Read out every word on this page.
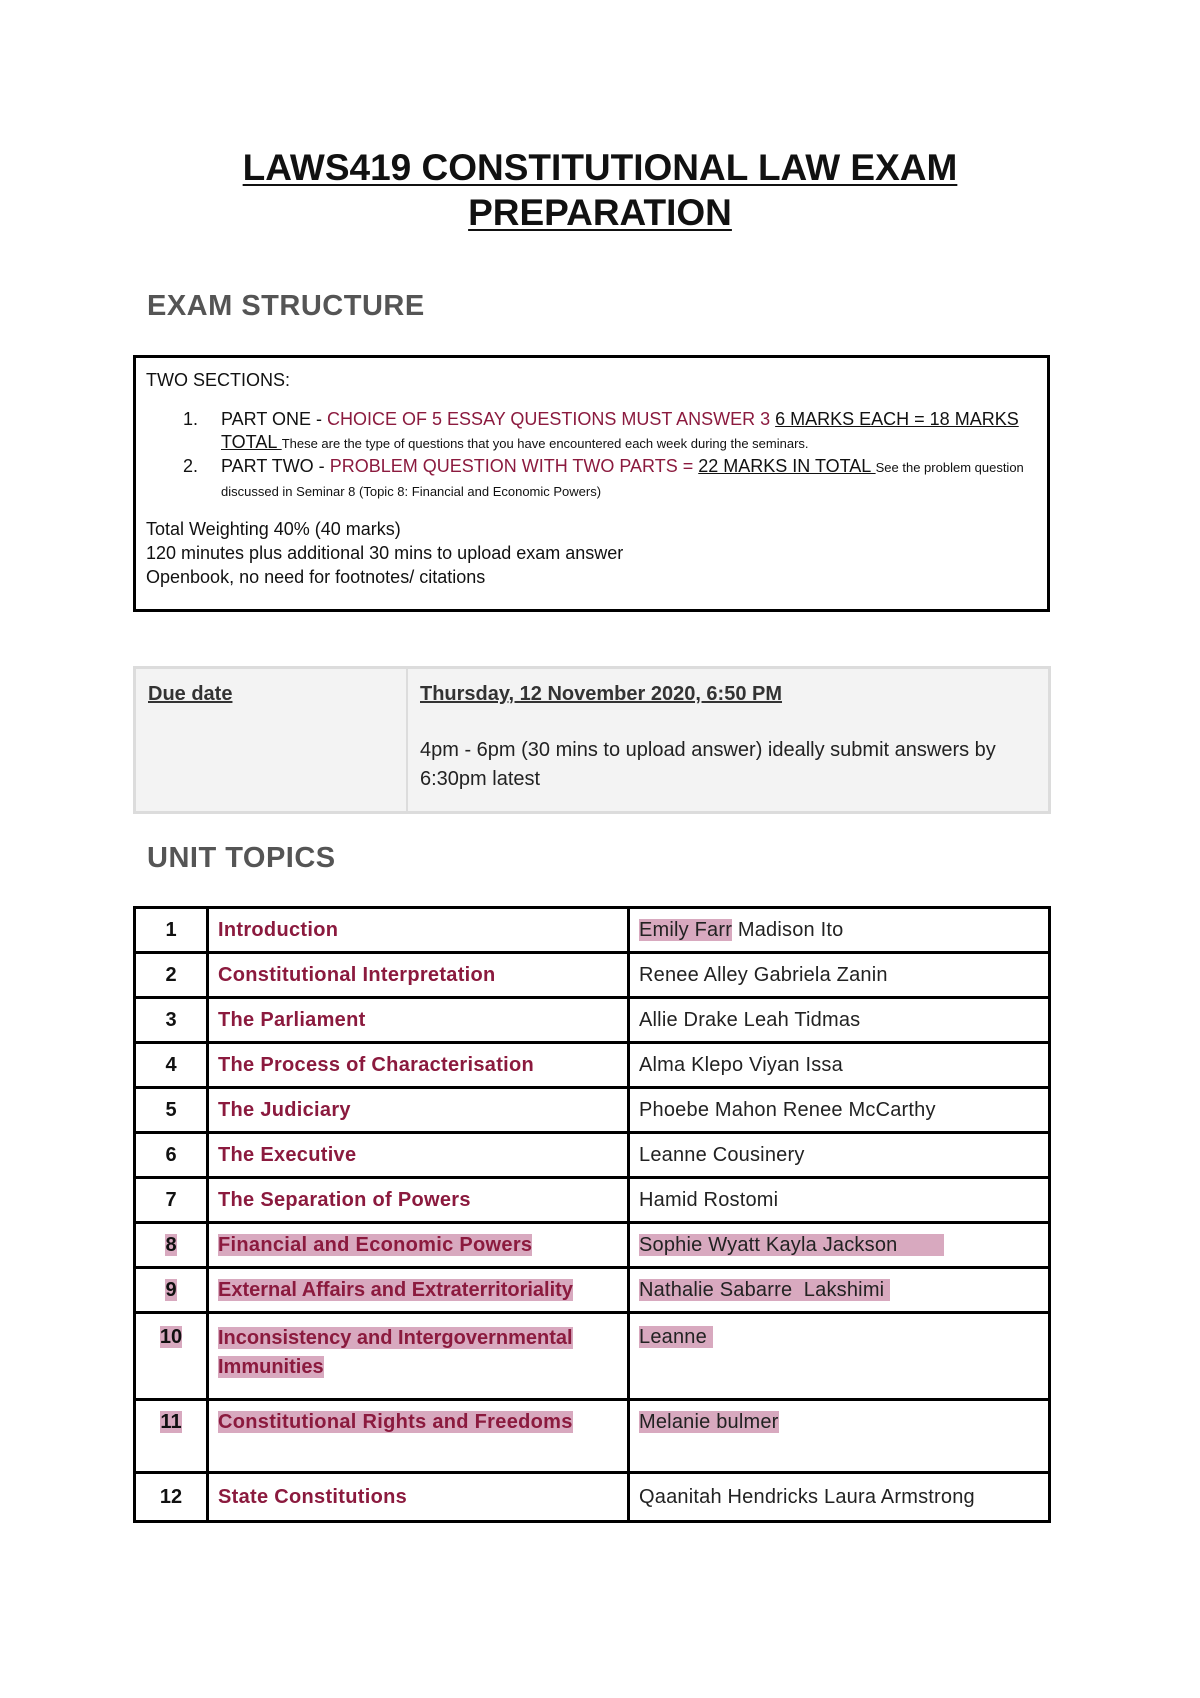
LAWS419 CONSTITUTIONAL LAW EXAM
PREPARATION
EXAM STRUCTURE
TWO SECTIONS:
1. PART ONE - CHOICE OF 5 ESSAY QUESTIONS MUST ANSWER 3 6 MARKS EACH = 18 MARKS TOTAL These are the type of questions that you have encountered each week during the seminars.
2. PART TWO - PROBLEM QUESTION WITH TWO PARTS = 22 MARKS IN TOTAL See the problem question discussed in Seminar 8 (Topic 8: Financial and Economic Powers)
Total Weighting 40% (40 marks)
120 minutes plus additional 30 mins to upload exam answer
Openbook, no need for footnotes/ citations
Due date	Thursday, 12 November 2020, 6:50 PM
4pm - 6pm (30 mins to upload answer) ideally submit answers by 6:30pm latest
UNIT TOPICS
1	Introduction	Emily Farr Madison Ito
2	Constitutional Interpretation	Renee Alley Gabriela Zanin
3	The Parliament	Allie Drake Leah Tidmas
4	The Process of Characterisation	Alma Klepo Viyan Issa
5	The Judiciary	Phoebe Mahon Renee McCarthy
6	The Executive	Leanne Cousinery
7	The Separation of Powers	Hamid Rostomi
8	Financial and Economic Powers	Sophie Wyatt Kayla Jackson
9	External Affairs and Extraterritoriality	Nathalie Sabarre  Lakshimi
10	Inconsistency and Intergovernmental Immunities	Leanne
11	Constitutional Rights and Freedoms	Melanie bulmer
12	State Constitutions	Qaanitah Hendricks Laura Armstrong
